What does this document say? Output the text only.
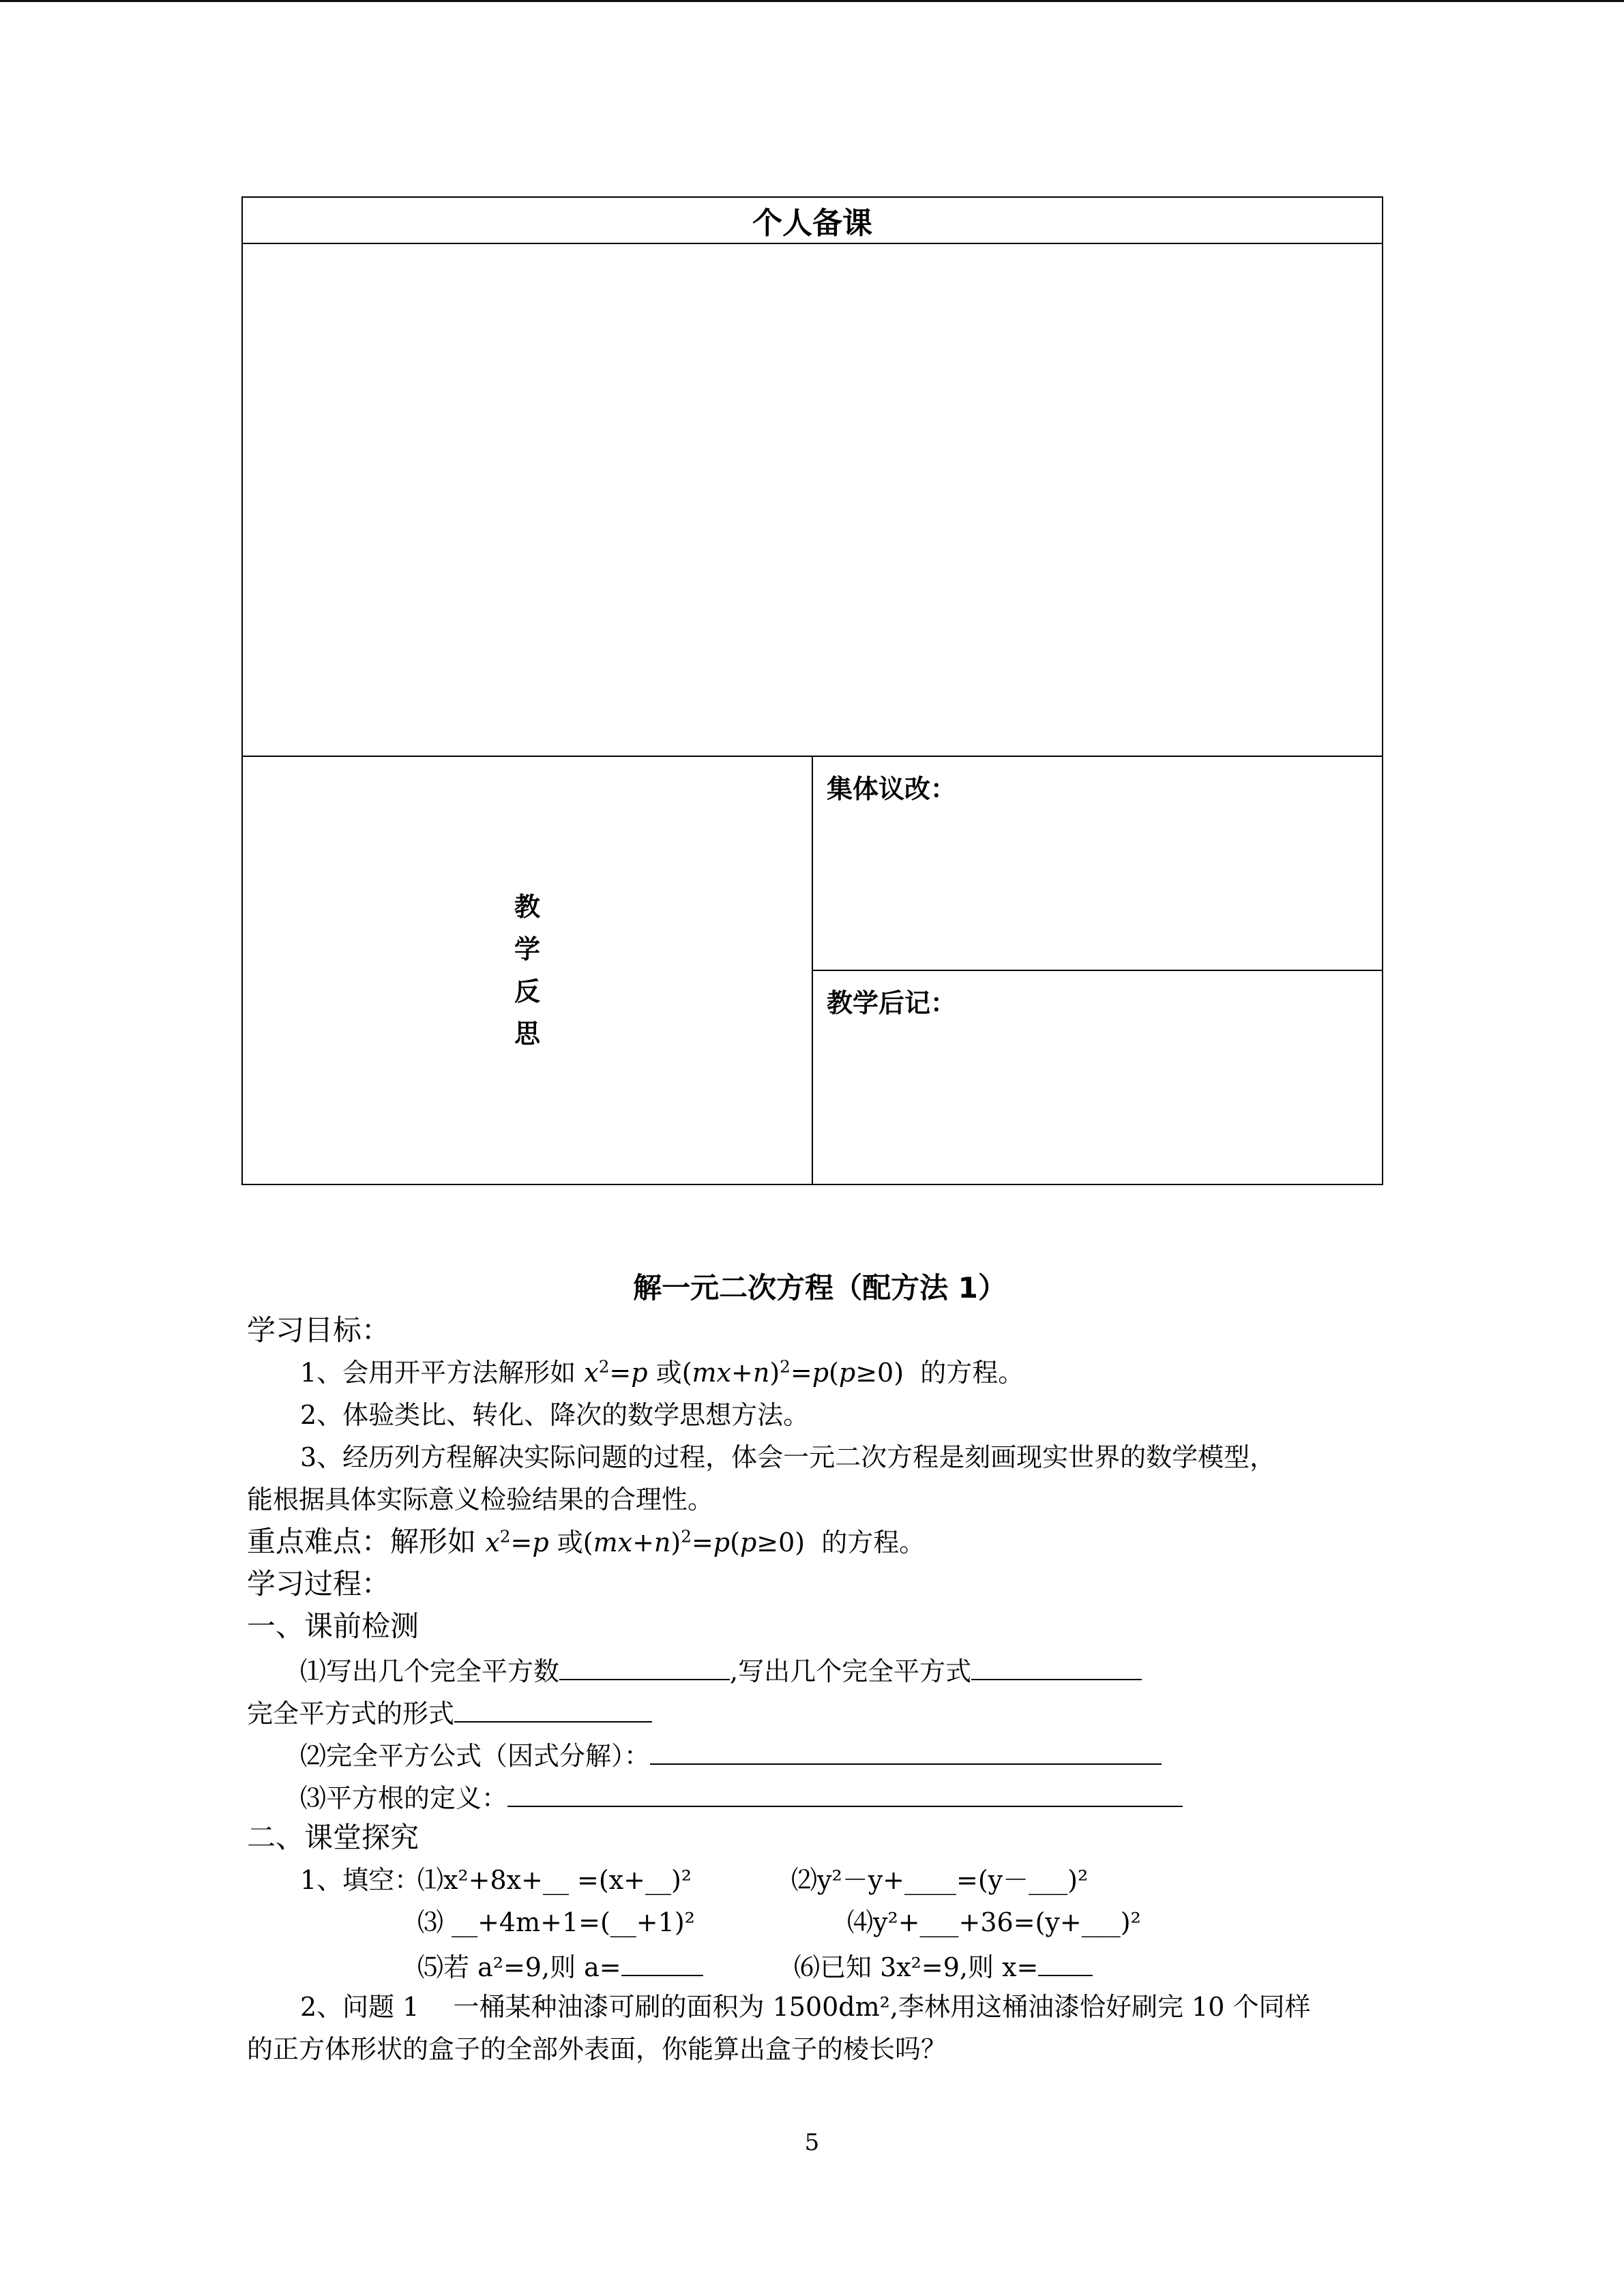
个人备课

教
学
反
思

集体议改：

教学后记：
解一元二次方程（配方法 1）
学习目标：
1、会用开平方法解形如 $x^2=p$ 或$(mx+n)^2=p(p\ge 0)$  的方程。
2、体验类比、转化、降次的数学思想方法。
3、经历列方程解决实际问题的过程，体会一元二次方程是刻画现实世界的数学模型，
能根据具体实际意义检验结果的合理性。
重点难点：解形如 $x^2=p$ 或$(mx+n)^2=p(p\ge 0)$  的方程。
学习过程：
一、课前检测
⑴写出几个完全平方数	,写出几个完全平方式
完全平方式的形式
⑵完全平方公式（因式分解）：
⑶平方根的定义：
二、课堂探究
1、填空：
⑴x²+8x+__ =(x+__)²	⑵y²－y+____=(y－___)²
⑶ __+4m+1=(__+1)²	⑷y²+___+36=(y+___)²
⑸若 a²=9,则 a=	⑹已知 3x²=9,则 x=
2、问题 1　 一桶某种油漆可刷的面积为 1500dm²,李林用这桶油漆恰好刷完 10 个同样
的正方体形状的盒子的全部外表面，你能算出盒子的棱长吗？
5
